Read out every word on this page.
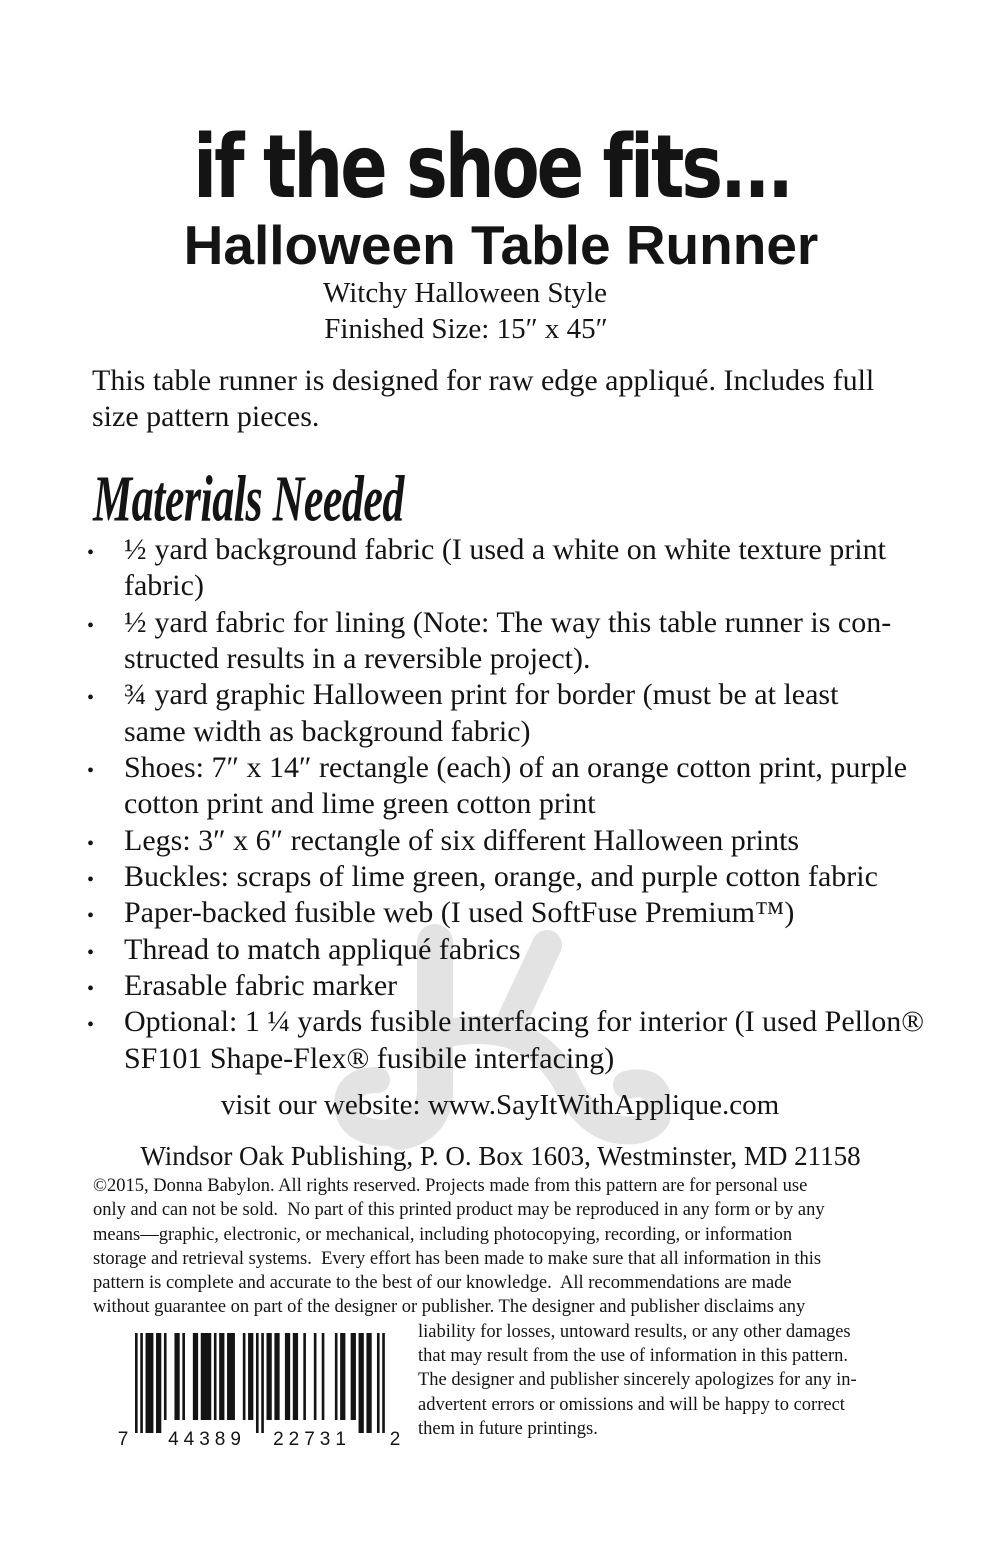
if the shoe fits...
Halloween Table Runner
Witchy Halloween Style
Finished Size: 15″ x 45″
This table runner is designed for raw edge appliqué. Includes full
size pattern pieces.
Materials Needed
• ½ yard background fabric (I used a white on white texture print
fabric)
• ½ yard fabric for lining (Note: The way this table runner is con-
structed results in a reversible project).
• ¾ yard graphic Halloween print for border (must be at least
same width as background fabric)
• Shoes: 7″ x 14″ rectangle (each) of an orange cotton print, purple
cotton print and lime green cotton print
• Legs: 3″ x 6″ rectangle of six different Halloween prints
• Buckles: scraps of lime green, orange, and purple cotton fabric
• Paper-backed fusible web (I used SoftFuse Premium™)
• Thread to match appliqué fabrics
• Erasable fabric marker
• Optional: 1 ¼ yards fusible interfacing for interior (I used Pellon®
SF101 Shape-Flex® fusibile interfacing)
visit our website: www.SayItWithApplique.com
Windsor Oak Publishing, P. O. Box 1603, Westminster, MD 21158
©2015, Donna Babylon. All rights reserved. Projects made from this pattern are for personal use
only and can not be sold.  No part of this printed product may be reproduced in any form or by any
means—graphic, electronic, or mechanical, including photocopying, recording, or information
storage and retrieval systems.  Every effort has been made to make sure that all information in this
pattern is complete and accurate to the best of our knowledge.  All recommendations are made
without guarantee on part of the designer or publisher. The designer and publisher disclaims any
liability for losses, untoward results, or any other damages
that may result from the use of information in this pattern.
The designer and publisher sincerely apologizes for any in-
advertent errors or omissions and will be happy to correct
them in future printings.
7 44389 22731 2
